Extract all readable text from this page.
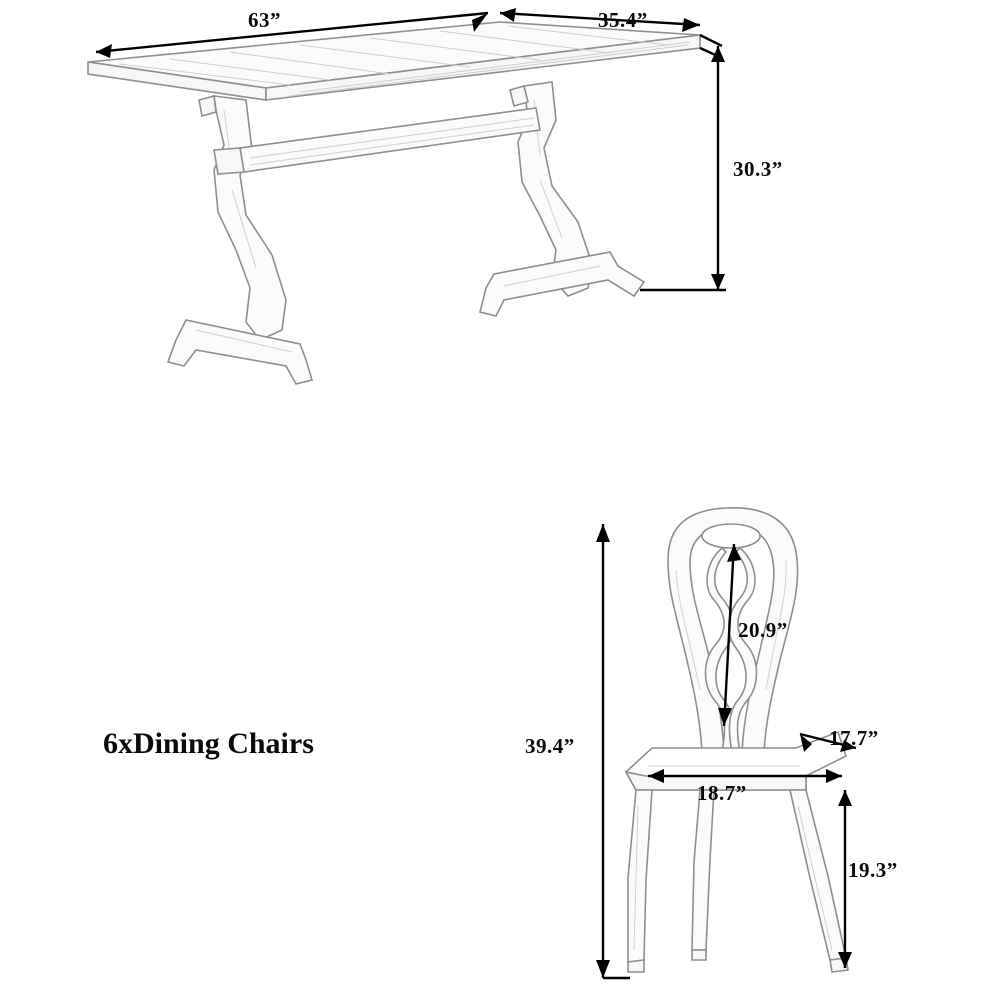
63”	35.4”
30.3”
6xDining Chairs
20.9”
39.4”	17.7”
18.7”
19.3”
